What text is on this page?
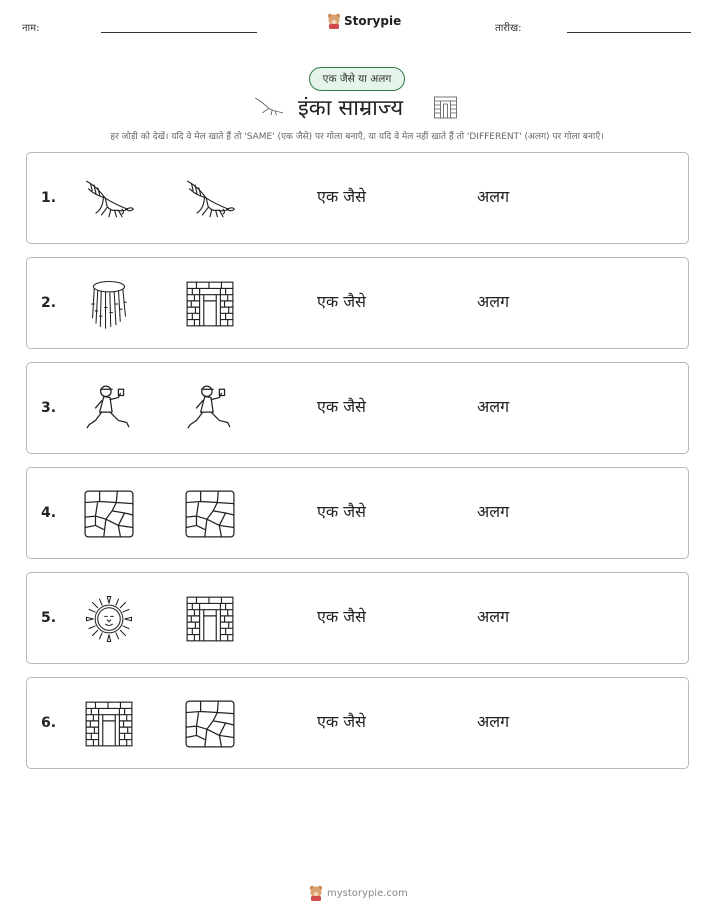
नाम:
Storypie
तारीख:
एक जैसे या अलग
इंका साम्राज्य
हर जोड़ी को देखें। यदि वे मेल खाते हैं तो 'SAME' (एक जैसे) पर गोला बनाएँ, या यदि वे मेल नहीं खाते हैं तो 'DIFFERENT' (अलग) पर गोला बनाएँ।
1.	एक जैसे	अलग
2.	एक जैसे	अलग
3.	एक जैसे	अलग
4.	एक जैसे	अलग
5.	एक जैसे	अलग
6.	एक जैसे	अलग
mystorypie.com
